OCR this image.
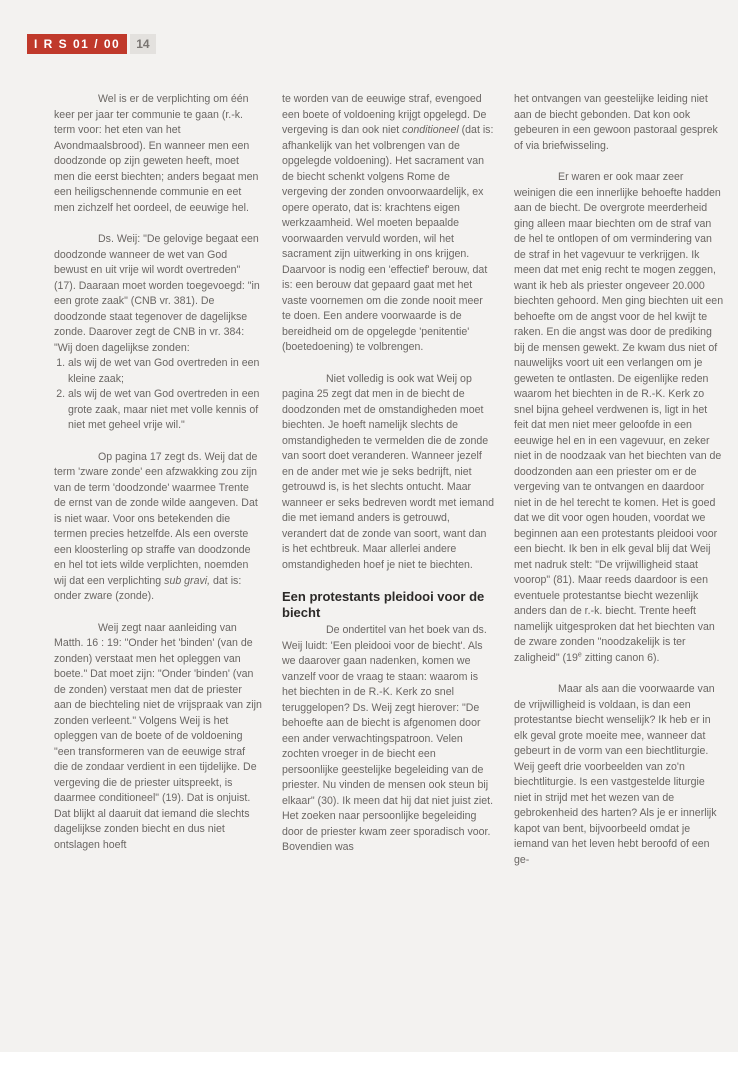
I R S 01 / 00	14

Wel is er de verplichting om één keer per jaar ter communie te gaan (r.-k. term voor: het eten van het Avondmaalsbrood). En wanneer men een doodzonde op zijn geweten heeft, moet men die eerst biechten; anders begaat men een heiligschennende communie en eet men zichzelf het oordeel, de eeuwige hel.

Ds. Weij: "De gelovige begaat een doodzonde wanneer de wet van God bewust en uit vrije wil wordt overtreden" (17). Daaraan moet worden toegevoegd: "in een grote zaak" (CNB vr. 381). De doodzonde staat tegenover de dagelijkse zonde. Daarover zegt de CNB in vr. 384: "Wij doen dagelijkse zonden:

1. als wij de wet van God overtreden in een kleine zaak;
2. als wij de wet van God overtreden in een grote zaak, maar niet met volle kennis of niet met geheel vrije wil."

Op pagina 17 zegt ds. Weij dat de term 'zware zonde' een afzwakking zou zijn van de term 'doodzonde' waarmee Trente de ernst van de zonde wilde aangeven. Dat is niet waar. Voor ons betekenden die termen precies hetzelfde. Als een overste een kloosterling op straffe van doodzonde en hel tot iets wilde verplichten, noemden wij dat een verplichting sub gravi, dat is: onder zware (zonde).

Weij zegt naar aanleiding van Matth. 16 : 19: "Onder het 'binden' (van de zonden) verstaat men het opleggen van boete." Dat moet zijn: "Onder 'binden' (van de zonden) verstaat men dat de priester aan de biechteling niet de vrijspraak van zijn zonden verleent." Volgens Weij is het opleggen van de boete of de voldoening "een transformeren van de eeuwige straf die de zondaar verdient in een tijdelijke. De vergeving die de priester uitspreekt, is daarmee conditioneel" (19). Dat is onjuist. Dat blijkt al daaruit dat iemand die slechts dagelijkse zonden biecht en dus niet ontslagen hoeft

te worden van de eeuwige straf, evengoed een boete of voldoening krijgt opgelegd. De vergeving is dan ook niet conditioneel (dat is: afhankelijk van het volbrengen van de opgelegde voldoening). Het sacrament van de biecht schenkt volgens Rome de vergeving der zonden onvoorwaardelijk, ex opere operato, dat is: krachtens eigen werkzaamheid. Wel moeten bepaalde voorwaarden vervuld worden, wil het sacrament zijn uitwerking in ons krijgen. Daarvoor is nodig een 'effectief' berouw, dat is: een berouw dat gepaard gaat met het vaste voornemen om die zonde nooit meer te doen. Een andere voorwaarde is de bereidheid om de opgelegde 'penitentie' (boetedoening) te volbrengen.

Niet volledig is ook wat Weij op pagina 25 zegt dat men in de biecht de doodzonden met de omstandigheden moet biechten. Je hoeft namelijk slechts de omstandigheden te vermelden die de zonde van soort doet veranderen. Wanneer jezelf en de ander met wie je seks bedrijft, niet getrouwd is, is het slechts ontucht. Maar wanneer er seks bedreven wordt met iemand die met iemand anders is getrouwd, verandert dat de zonde van soort, want dan is het echtbreuk. Maar allerlei andere omstandigheden hoef je niet te biechten.

Een protestants pleidooi voor de biecht

De ondertitel van het boek van ds. Weij luidt: 'Een pleidooi voor de biecht'. Als we daarover gaan nadenken, komen we vanzelf voor de vraag te staan: waarom is het biechten in de R.-K. Kerk zo snel teruggelopen? Ds. Weij zegt hierover: "De behoefte aan de biecht is afgenomen door een ander verwachtingspatroon. Velen zochten vroeger in de biecht een persoonlijke geestelijke begeleiding van de priester. Nu vinden de mensen ook steun bij elkaar" (30). Ik meen dat hij dat niet juist ziet. Het zoeken naar persoonlijke begeleiding door de priester kwam zeer sporadisch voor. Bovendien was

het ontvangen van geestelijke leiding niet aan de biecht gebonden. Dat kon ook gebeuren in een gewoon pastoraal gesprek of via briefwisseling.

Er waren er ook maar zeer weinigen die een innerlijke behoefte hadden aan de biecht. De overgrote meerderheid ging alleen maar biechten om de straf van de hel te ontlopen of om vermindering van de straf in het vagevuur te verkrijgen. Ik meen dat met enig recht te mogen zeggen, want ik heb als priester ongeveer 20.000 biechten gehoord. Men ging biechten uit een behoefte om de angst voor de hel kwijt te raken. En die angst was door de prediking bij de mensen gewekt. Ze kwam dus niet of nauwelijks voort uit een verlangen om je geweten te ontlasten. De eigenlijke reden waarom het biechten in de R.-K. Kerk zo snel bijna geheel verdwenen is, ligt in het feit dat men niet meer geloofde in een eeuwige hel en in een vagevuur, en zeker niet in de noodzaak van het biechten van de doodzonden aan een priester om er de vergeving van te ontvangen en daardoor niet in de hel terecht te komen. Het is goed dat we dit voor ogen houden, voordat we beginnen aan een protestants pleidooi voor een biecht. Ik ben in elk geval blij dat Weij met nadruk stelt: "De vrijwilligheid staat voorop" (81). Maar reeds daardoor is een eventuele protestantse biecht wezenlijk anders dan de r.-k. biecht. Trente heeft namelijk uitgesproken dat het biechten van de zware zonden "noodzakelijk is ter zaligheid" (19e zitting canon 6).

Maar als aan die voorwaarde van de vrijwilligheid is voldaan, is dan een protestantse biecht wenselijk? Ik heb er in elk geval grote moeite mee, wanneer dat gebeurt in de vorm van een biechtliturgie. Weij geeft drie voorbeelden van zo'n biechtliturgie. Is een vastgestelde liturgie niet in strijd met het wezen van de gebrokenheid des harten? Als je er innerlijk kapot van bent, bijvoorbeeld omdat je iemand van het leven hebt beroofd of een ge-
